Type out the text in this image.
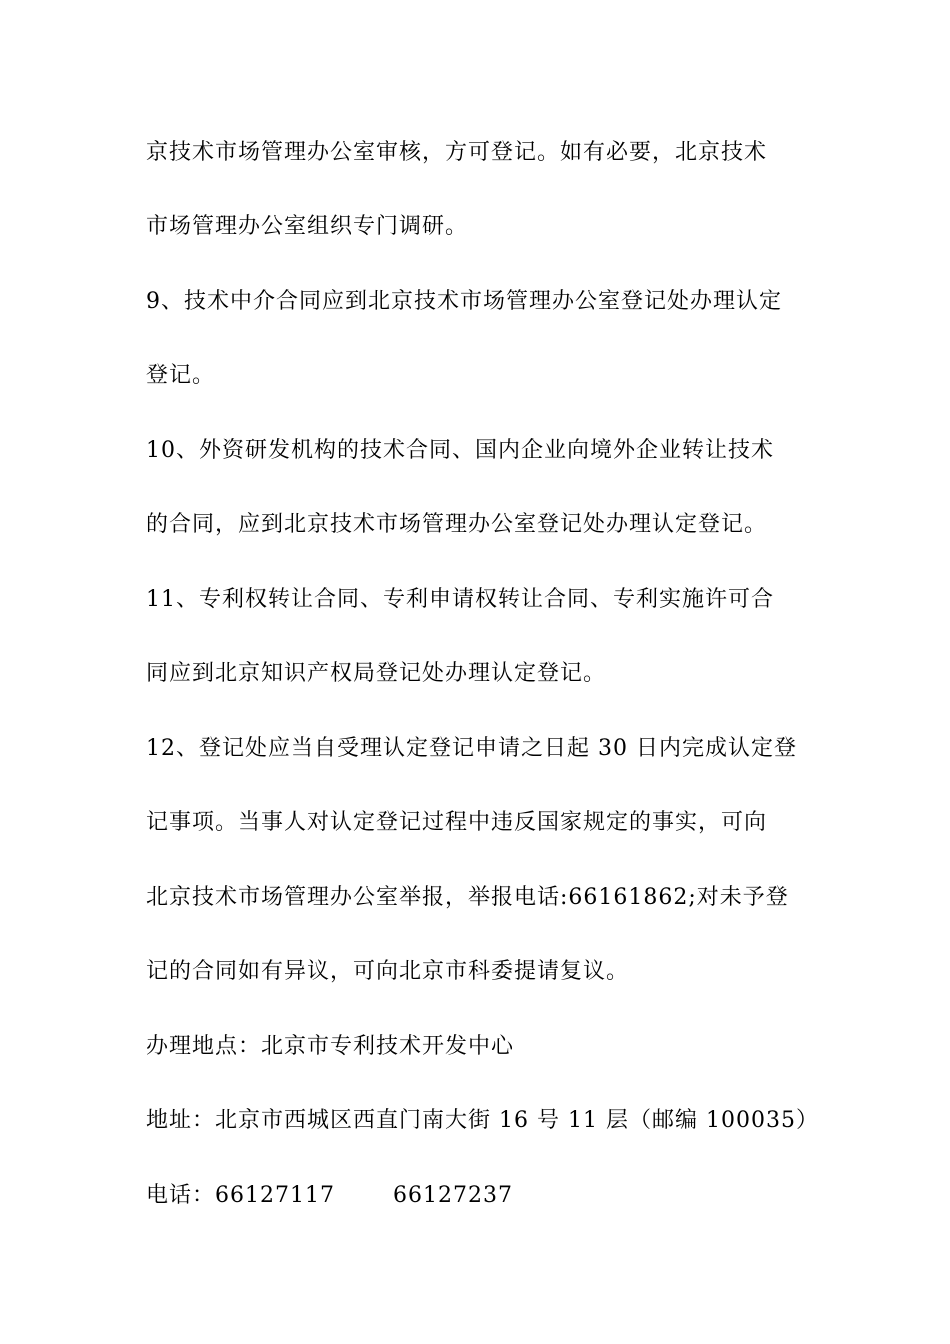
京技术市场管理办公室审核，方可登记。如有必要，北京技术
市场管理办公室组织专门调研。
9、技术中介合同应到北京技术市场管理办公室登记处办理认定
登记。
10、外资研发机构的技术合同、国内企业向境外企业转让技术
的合同，应到北京技术市场管理办公室登记处办理认定登记。
11、专利权转让合同、专利申请权转让合同、专利实施许可合
同应到北京知识产权局登记处办理认定登记。
12、登记处应当自受理认定登记申请之日起 30 日内完成认定登
记事项。当事人对认定登记过程中违反国家规定的事实，可向
北京技术市场管理办公室举报，举报电话:66161862;对未予登
记的合同如有异议，可向北京市科委提请复议。
办理地点：北京市专利技术开发中心
地址：北京市西城区西直门南大街 16 号 11 层（邮编 100035）
电话：66127117	66127237
